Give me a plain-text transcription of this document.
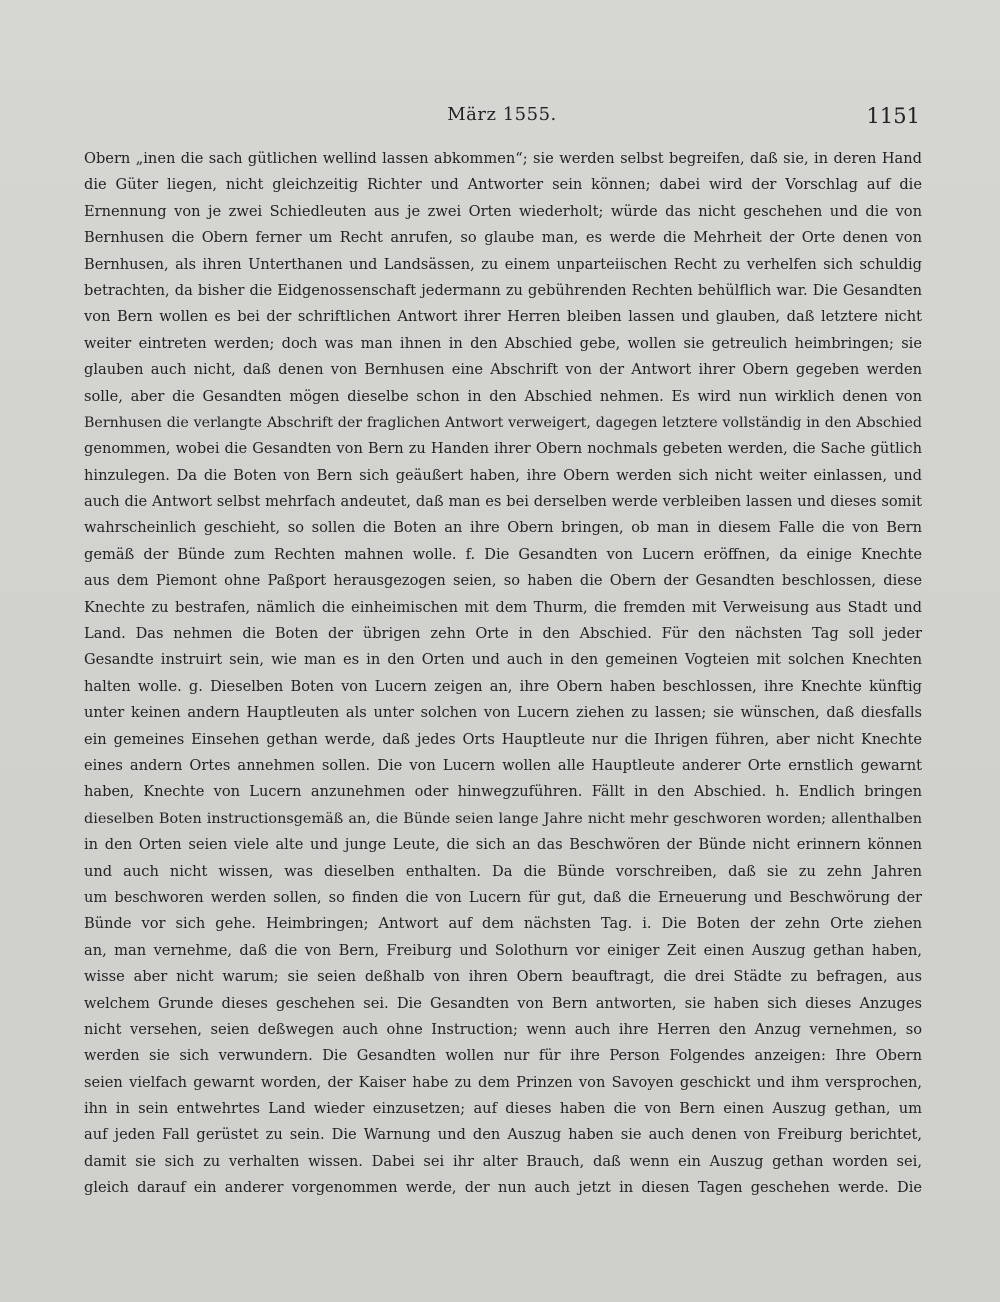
März 1555.	1151
Obern „inen die sach gütlichen wellind lassen abkommen“; sie werden selbst begreifen, daß sie, in deren Hand
die Güter liegen, nicht gleichzeitig Richter und Antworter sein können; dabei wird der Vorschlag auf die
Ernennung von je zwei Schiedleuten aus je zwei Orten wiederholt; würde das nicht geschehen und die von
Bernhusen die Obern ferner um Recht anrufen, so glaube man, es werde die Mehrheit der Orte denen von
Bernhusen, als ihren Unterthanen und Landsässen, zu einem unparteiischen Recht zu verhelfen sich schuldig
betrachten, da bisher die Eidgenossenschaft jedermann zu gebührenden Rechten behülflich war. Die Gesandten
von Bern wollen es bei der schriftlichen Antwort ihrer Herren bleiben lassen und glauben, daß letztere nicht
weiter eintreten werden; doch was man ihnen in den Abschied gebe, wollen sie getreulich heimbringen; sie
glauben auch nicht, daß denen von Bernhusen eine Abschrift von der Antwort ihrer Obern gegeben werden
solle, aber die Gesandten mögen dieselbe schon in den Abschied nehmen. Es wird nun wirklich denen von
Bernhusen die verlangte Abschrift der fraglichen Antwort verweigert, dagegen letztere vollständig in den Abschied
genommen, wobei die Gesandten von Bern zu Handen ihrer Obern nochmals gebeten werden, die Sache gütlich
hinzulegen. Da die Boten von Bern sich geäußert haben, ihre Obern werden sich nicht weiter einlassen, und
auch die Antwort selbst mehrfach andeutet, daß man es bei derselben werde verbleiben lassen und dieses somit
wahrscheinlich geschieht, so sollen die Boten an ihre Obern bringen, ob man in diesem Falle die von Bern
gemäß der Bünde zum Rechten mahnen wolle. f. Die Gesandten von Lucern eröffnen, da einige Knechte
aus dem Piemont ohne Paßport herausgezogen seien, so haben die Obern der Gesandten beschlossen, diese
Knechte zu bestrafen, nämlich die einheimischen mit dem Thurm, die fremden mit Verweisung aus Stadt und
Land. Das nehmen die Boten der übrigen zehn Orte in den Abschied. Für den nächsten Tag soll jeder
Gesandte instruirt sein, wie man es in den Orten und auch in den gemeinen Vogteien mit solchen Knechten
halten wolle. g. Dieselben Boten von Lucern zeigen an, ihre Obern haben beschlossen, ihre Knechte künftig
unter keinen andern Hauptleuten als unter solchen von Lucern ziehen zu lassen; sie wünschen, daß diesfalls
ein gemeines Einsehen gethan werde, daß jedes Orts Hauptleute nur die Ihrigen führen, aber nicht Knechte
eines andern Ortes annehmen sollen. Die von Lucern wollen alle Hauptleute anderer Orte ernstlich gewarnt
haben, Knechte von Lucern anzunehmen oder hinwegzuführen. Fällt in den Abschied. h. Endlich bringen
dieselben Boten instructionsgemäß an, die Bünde seien lange Jahre nicht mehr geschworen worden; allenthalben
in den Orten seien viele alte und junge Leute, die sich an das Beschwören der Bünde nicht erinnern können
und auch nicht wissen, was dieselben enthalten. Da die Bünde vorschreiben, daß sie zu zehn Jahren
um beschworen werden sollen, so finden die von Lucern für gut, daß die Erneuerung und Beschwörung der
Bünde vor sich gehe. Heimbringen; Antwort auf dem nächsten Tag. i. Die Boten der zehn Orte ziehen
an, man vernehme, daß die von Bern, Freiburg und Solothurn vor einiger Zeit einen Auszug gethan haben,
wisse aber nicht warum; sie seien deßhalb von ihren Obern beauftragt, die drei Städte zu befragen, aus
welchem Grunde dieses geschehen sei. Die Gesandten von Bern antworten, sie haben sich dieses Anzuges
nicht versehen, seien deßwegen auch ohne Instruction; wenn auch ihre Herren den Anzug vernehmen, so
werden sie sich verwundern. Die Gesandten wollen nur für ihre Person Folgendes anzeigen: Ihre Obern
seien vielfach gewarnt worden, der Kaiser habe zu dem Prinzen von Savoyen geschickt und ihm versprochen,
ihn in sein entwehrtes Land wieder einzusetzen; auf dieses haben die von Bern einen Auszug gethan, um
auf jeden Fall gerüstet zu sein. Die Warnung und den Auszug haben sie auch denen von Freiburg berichtet,
damit sie sich zu verhalten wissen. Dabei sei ihr alter Brauch, daß wenn ein Auszug gethan worden sei,
gleich darauf ein anderer vorgenommen werde, der nun auch jetzt in diesen Tagen geschehen werde. Die
